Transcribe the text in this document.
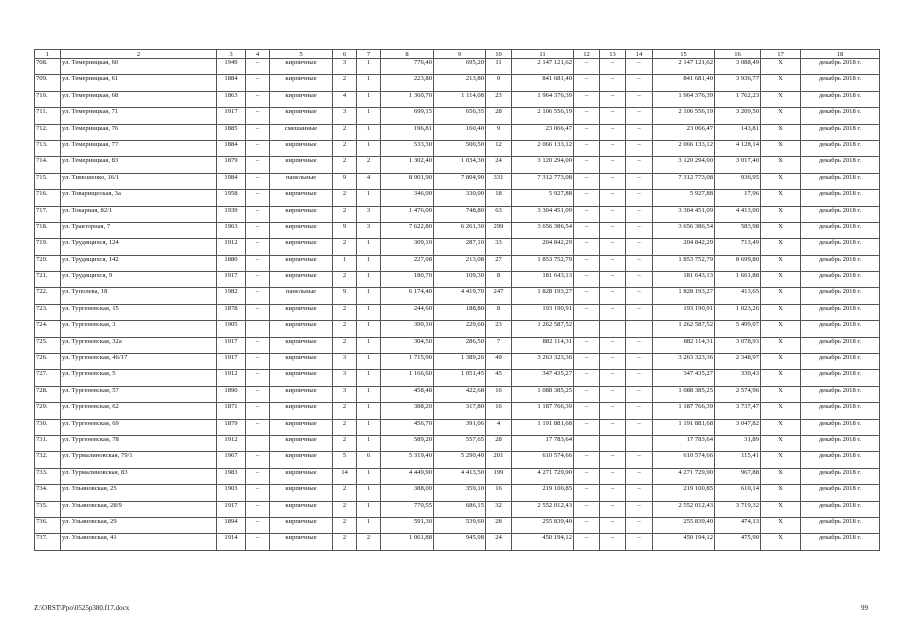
1	2	3	4	5	6	7	8	9	10	11	12	13	14	15	16	17	18
708.	ул. Темерницкая, 60	1949	–	кирпичные	3	1	776,40	695,20	11	2 147 121,62	–	–	–	2 147 121,62	3 088,49	X	декабрь 2018 г.
709.	ул. Темерницкая, 61	1884	–	кирпичные	2	1	223,80	213,80	0	841 681,40	–	–	–	841 681,40	3 936,77	X	декабрь 2018 г.
710.	ул. Темерницкая, 68	1863	–	кирпичные	4	1	1 360,70	1 114,08	23	1 964 376,39	–	–	–	1 964 376,39	1 762,23	X	декабрь 2018 г.
711.	ул. Темерницкая, 71	1917	–	кирпичные	3	1	699,15	656,35	28	2 106 556,19	–	–	–	2 106 556,19	3 209,50	X	декабрь 2018 г.
712.	ул. Темерницкая, 76	1885	–	смешанные	2	1	196,81	160,40	9	23 066,47	–	–	–	23 066,47	143,81	X	декабрь 2018 г.
713.	ул. Темерницкая, 77	1884	–	кирпичные	2	1	533,30	500,50	12	2 066 133,12	–	–	–	2 066 133,12	4 128,14	X	декабрь 2018 г.
714.	ул. Темерницкая, 83	1879	–	кирпичные	2	2	1 302,40	1 034,30	24	3 120 294,00	–	–	–	3 120 294,00	3 017,40	X	декабрь 2018 г.
715.	ул. Тимошенко, 16/1	1984	–	панельные	9	4	8 901,90	7 804,90	331	7 312 773,08	–	–	–	7 312 773,08	936,95	X	декабрь 2018 г.
716.	ул. Товарищеская, 3а	1958	–	кирпичные	2	1	346,00	330,00	18	5 927,88	–	–	–	5 927,88	17,96	X	декабрь 2018 г.
717.	ул. Токарная, 82/1	1939	–	кирпичные	2	3	1 476,00	748,80	63	3 304 451,09	–	–	–	3 304 451,09	4 413,00	X	декабрь 2018 г.
718.	ул. Тракторная, 7	1963	–	кирпичные	9	3	7 622,80	6 261,30	299	3 656 386,54	–	–	–	3 656 386,54	583,98	X	декабрь 2018 г.
719.	ул. Трудящихся, 124	1912	–	кирпичные	2	1	309,10	287,10	33	204 842,29	–	–	–	204 842,29	713,49	X	декабрь 2018 г.
720.	ул. Трудящихся, 142	1880	–	кирпичные	1	1	227,08	213,08	27	1 853 752,79	–	–	–	1 853 752,79	8 699,80	X	декабрь 2018 г.
721.	ул. Трудящихся, 9	1917	–	кирпичные	2	1	180,70	109,30	8	181 643,13	–	–	–	181 643,13	1 661,88	X	декабрь 2018 г.
722.	ул. Туполева, 18	1982	–	панельные	9	1	6 174,40	4 419,70	247	1 828 193,27	–	–	–	1 828 193,27	413,65	X	декабрь 2018 г.
723.	ул. Тургеневская, 15	1878	–	кирпичные	2	1	244,60	188,80	8	193 190,91	–	–	–	193 190,91	1 023,26	X	декабрь 2018 г.
724.	ул. Тургеневская, 3	1905		кирпичные	2	1	390,10	229,60	23	1 262 587,52				1 262 587,52	5 499,07	X	декабрь 2018 г.
725.	ул. Тургеневская, 32а	1917	–	кирпичные	2	1	304,50	286,50	7	882 114,31	–	–	–	882 114,31	3 078,93	X	декабрь 2018 г.
726.	ул. Тургеневская, 46/17	1917	–	кирпичные	3	1	1 715,90	1 389,26	49	3 263 323,36	–	–	–	3 263 323,36	2 348,97	X	декабрь 2018 г.
727.	ул. Тургеневская, 5	1912	–	кирпичные	3	1	1 166,60	1 051,45	45	347 435,27	–	–	–	347 435,27	330,43	X	декабрь 2018 г.
728.	ул. Тургеневская, 57	1890	–	кирпичные	3	1	458,48	422,68	16	1 088 385,25	–	–	–	1 088 385,25	2 574,96	X	декабрь 2018 г.
729.	ул. Тургеневская, 62	1871	–	кирпичные	2	1	388,20	317,80	16	1 187 766,39	–	–	–	1 187 766,39	3 737,47	X	декабрь 2018 г.
730.	ул. Тургеневская, 69	1879	–	кирпичные	2	1	456,70	391,06	4	1 191 881,68	–	–	–	1 191 881,68	3 047,82	X	декабрь 2018 г.
731.	ул. Тургеневская, 78	1912		кирпичные	2	1	589,20	557,65	28	17 783,64				17 783,64	31,89	X	декабрь 2018 г.
732.	ул. Турмалиновская, 79/1	1967	–	кирпичные	5	6	5 319,40	5 290,40	201	610 574,66	–	–	–	610 574,66	115,41	X	декабрь 2018 г.
733.	ул. Турмалиновская, 83	1983	–	кирпичные	14	1	4 449,90	4 413,50	199	4 271 729,90	–	–	–	4 271 729,90	967,88	X	декабрь 2018 г.
734.	ул. Ульяновская, 25	1903	–	кирпичные	2	1	388,00	359,10	16	219 100,85	–	–	–	219 100,85	610,14	X	декабрь 2018 г.
735.	ул. Ульяновская, 28/9	1917	–	кирпичные	2	1	770,55	686,15	32	2 552 012,43	–	–	–	2 552 012,43	3 719,32	X	декабрь 2018 г.
736.	ул. Ульяновская, 29	1894	–	кирпичные	2	1	591,30	539,60	28	255 839,40	–	–	–	255 839,40	474,13	X	декабрь 2018 г.
737.	ул. Ульяновская, 41	1914	–	кирпичные	2	2	1 061,88	945,98	24	450 194,12	–	–	–	450 194,12	475,90	X	декабрь 2018 г.
Z:\ORST\Ppo\0525p380.f17.docx	99
